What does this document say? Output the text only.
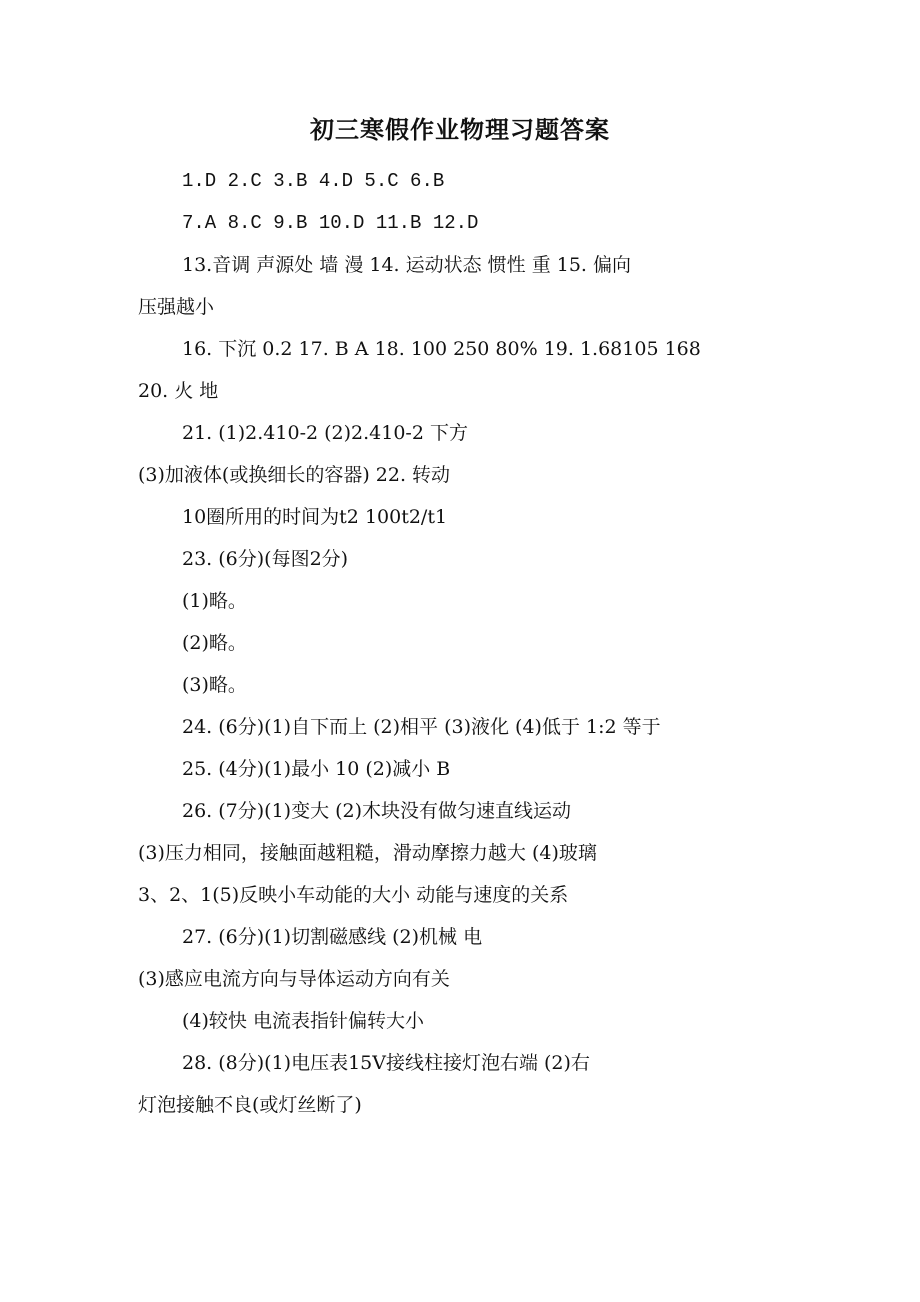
初三寒假作业物理习题答案
1.D 2.C 3.B 4.D 5.C 6.B
7.A 8.C 9.B 10.D 11.B 12.D
13.音调 声源处 墙 漫 14. 运动状态 惯性 重 15. 偏向
压强越小
16. 下沉 0.2 17. B A 18. 100 250 80% 19. 1.68105 168
20. 火 地
21. (1)2.410-2 (2)2.410-2 下方
(3)加液体(或换细长的容器) 22. 转动
10圈所用的时间为t2 100t2/t1
23. (6分)(每图2分)
(1)略。
(2)略。
(3)略。
24. (6分)(1)自下而上 (2)相平 (3)液化 (4)低于 1:2 等于
25. (4分)(1)最小 10 (2)减小 B
26. (7分)(1)变大 (2)木块没有做匀速直线运动
(3)压力相同，接触面越粗糙，滑动摩擦力越大 (4)玻璃
3、2、1(5)反映小车动能的大小 动能与速度的关系
27. (6分)(1)切割磁感线 (2)机械 电
(3)感应电流方向与导体运动方向有关
(4)较快 电流表指针偏转大小
28. (8分)(1)电压表15V接线柱接灯泡右端 (2)右
灯泡接触不良(或灯丝断了)
